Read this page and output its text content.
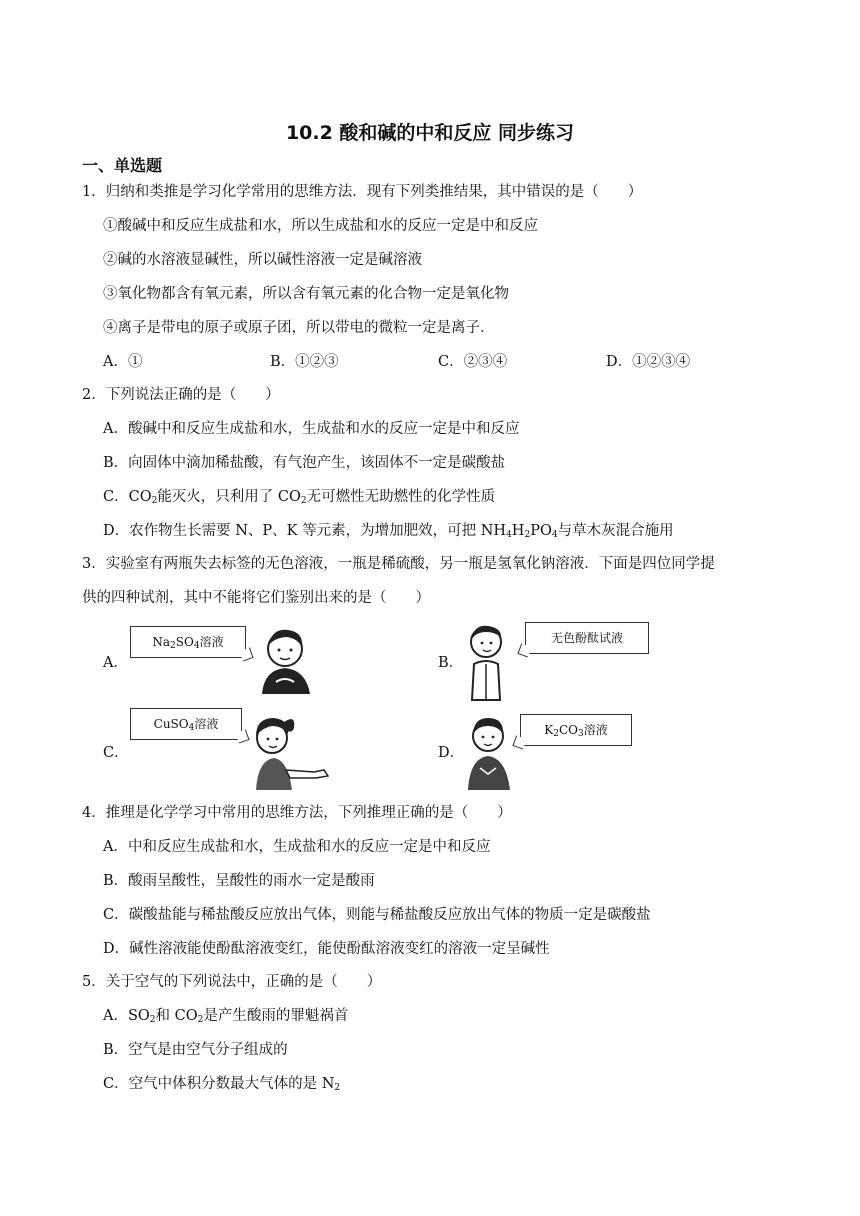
10.2 酸和碱的中和反应 同步练习
一、单选题
1．归纳和类推是学习化学常用的思维方法．现有下列类推结果，其中错误的是（　　）
①酸碱中和反应生成盐和水，所以生成盐和水的反应一定是中和反应
②碱的水溶液显碱性，所以碱性溶液一定是碱溶液
③氧化物都含有氧元素，所以含有氧元素的化合物一定是氧化物
④离子是带电的原子或原子团，所以带电的微粒一定是离子．
A．①	B．①②③	C．②③④	D．①②③④
2．下列说法正确的是（　　）
A．酸碱中和反应生成盐和水，生成盐和水的反应一定是中和反应
B．向固体中滴加稀盐酸，有气泡产生，该固体不一定是碳酸盐
C．$CO_2$能灭火，只利用了 $CO_2$无可燃性无助燃性的化学性质
D．农作物生长需要 N、P、K 等元素，为增加肥效，可把 $NH_4H_2PO_4$与草木灰混合施用
3．实验室有两瓶失去标签的无色溶液，一瓶是稀硫酸，另一瓶是氢氧化钠溶液．下面是四位同学提
供的四种试剂，其中不能将它们鉴别出来的是（　　）
A．
$Na_2SO_4$溶液
B．
无色酚酞试液
C．
CuSO$_4$溶液
D．
$K_2CO_3$溶液
4．推理是化学学习中常用的思维方法，下列推理正确的是（　　）
A．中和反应生成盐和水，生成盐和水的反应一定是中和反应
B．酸雨呈酸性，呈酸性的雨水一定是酸雨
C．碳酸盐能与稀盐酸反应放出气体，则能与稀盐酸反应放出气体的物质一定是碳酸盐
D．碱性溶液能使酚酞溶液变红，能使酚酞溶液变红的溶液一定呈碱性
5．关于空气的下列说法中，正确的是（　　）
A．$SO_2$和 $CO_2$是产生酸雨的罪魁祸首
B．空气是由空气分子组成的
C．空气中体积分数最大气体的是 $N_2$
